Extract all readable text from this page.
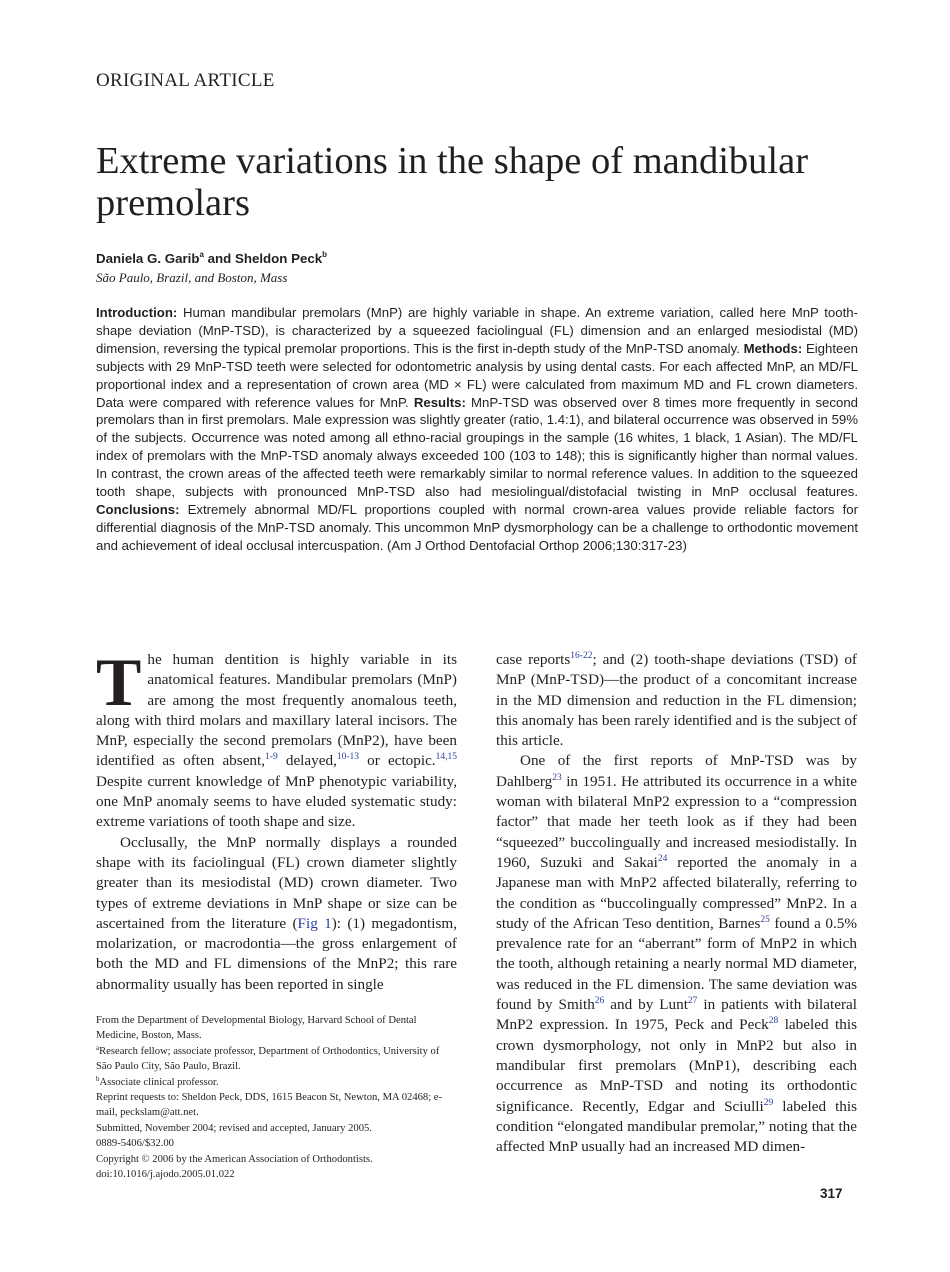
ORIGINAL ARTICLE
Extreme variations in the shape of mandibular premolars
Daniela G. Garib$^a$ and Sheldon Peck$^b$
São Paulo, Brazil, and Boston, Mass
Introduction: Human mandibular premolars (MnP) are highly variable in shape. An extreme variation, called here MnP tooth-shape deviation (MnP-TSD), is characterized by a squeezed faciolingual (FL) dimension and an enlarged mesiodistal (MD) dimension, reversing the typical premolar proportions. This is the first in-depth study of the MnP-TSD anomaly. Methods: Eighteen subjects with 29 MnP-TSD teeth were selected for odontometric analysis by using dental casts. For each affected MnP, an MD/FL proportional index and a representation of crown area (MD × FL) were calculated from maximum MD and FL crown diameters. Data were compared with reference values for MnP. Results: MnP-TSD was observed over 8 times more frequently in second premolars than in first premolars. Male expression was slightly greater (ratio, 1.4:1), and bilateral occurrence was observed in 59% of the subjects. Occurrence was noted among all ethno-racial groupings in the sample (16 whites, 1 black, 1 Asian). The MD/FL index of premolars with the MnP-TSD anomaly always exceeded 100 (103 to 148); this is significantly higher than normal values. In contrast, the crown areas of the affected teeth were remarkably similar to normal reference values. In addition to the squeezed tooth shape, subjects with pronounced MnP-TSD also had mesiolingual/distofacial twisting in MnP occlusal features. Conclusions: Extremely abnormal MD/FL proportions coupled with normal crown-area values provide reliable factors for differential diagnosis of the MnP-TSD anomaly. This uncommon MnP dysmorphology can be a challenge to orthodontic movement and achievement of ideal occlusal intercuspation. (Am J Orthod Dentofacial Orthop 2006;130:317-23)
T he human dentition is highly variable in its anatomical features. Mandibular premolars (MnP) are among the most frequently anomalous teeth, along with third molars and maxillary lateral incisors. The MnP, especially the second premolars (MnP2), have been identified as often absent,$^{1-9}$ delayed,$^{10-13}$ or ectopic.$^{14,15}$ Despite current knowledge of MnP phenotypic variability, one MnP anomaly seems to have eluded systematic study: extreme variations of tooth shape and size.

Occlusally, the MnP normally displays a rounded shape with its faciolingual (FL) crown diameter slightly greater than its mesiodistal (MD) crown diameter. Two types of extreme deviations in MnP shape or size can be ascertained from the literature (Fig 1): (1) megadontism, molarization, or macrodontia—the gross enlargement of both the MD and FL dimensions of the MnP2; this rare abnormality usually has been reported in single

case reports$^{16-22}$; and (2) tooth-shape deviations (TSD) of MnP (MnP-TSD)—the product of a concomitant increase in the MD dimension and reduction in the FL dimension; this anomaly has been rarely identified and is the subject of this article.

One of the first reports of MnP-TSD was by Dahlberg$^{23}$ in 1951. He attributed its occurrence in a white woman with bilateral MnP2 expression to a “compression factor” that made her teeth look as if they had been “squeezed” buccolingually and increased mesiodistally. In 1960, Suzuki and Sakai$^{24}$ reported the anomaly in a Japanese man with MnP2 affected bilaterally, referring to the condition as “buccolingually compressed” MnP2. In a study of the African Teso dentition, Barnes$^{25}$ found a 0.5% prevalence rate for an “aberrant” form of MnP2 in which the tooth, although retaining a nearly normal MD diameter, was reduced in the FL dimension. The same deviation was found by Smith$^{26}$ and by Lunt$^{27}$ in patients with bilateral MnP2 expression. In 1975, Peck and Peck$^{28}$ labeled this crown dysmorphology, not only in MnP2 but also in mandibular first premolars (MnP1), describing each occurrence as MnP-TSD and noting its orthodontic significance. Recently, Edgar and Sciulli$^{29}$ labeled this condition “elongated mandibular premolar,” noting that the affected MnP usually had an increased MD dimen-

From the Department of Developmental Biology, Harvard School of Dental Medicine, Boston, Mass.
$^a$Research fellow; associate professor, Department of Orthodontics, University of São Paulo City, São Paulo, Brazil.
$^b$Associate clinical professor.
Reprint requests to: Sheldon Peck, DDS, 1615 Beacon St, Newton, MA 02468; e-mail, peckslam@att.net.
Submitted, November 2004; revised and accepted, January 2005.
0889-5406/$32.00
Copyright © 2006 by the American Association of Orthodontists.
doi:10.1016/j.ajodo.2005.01.022
317
